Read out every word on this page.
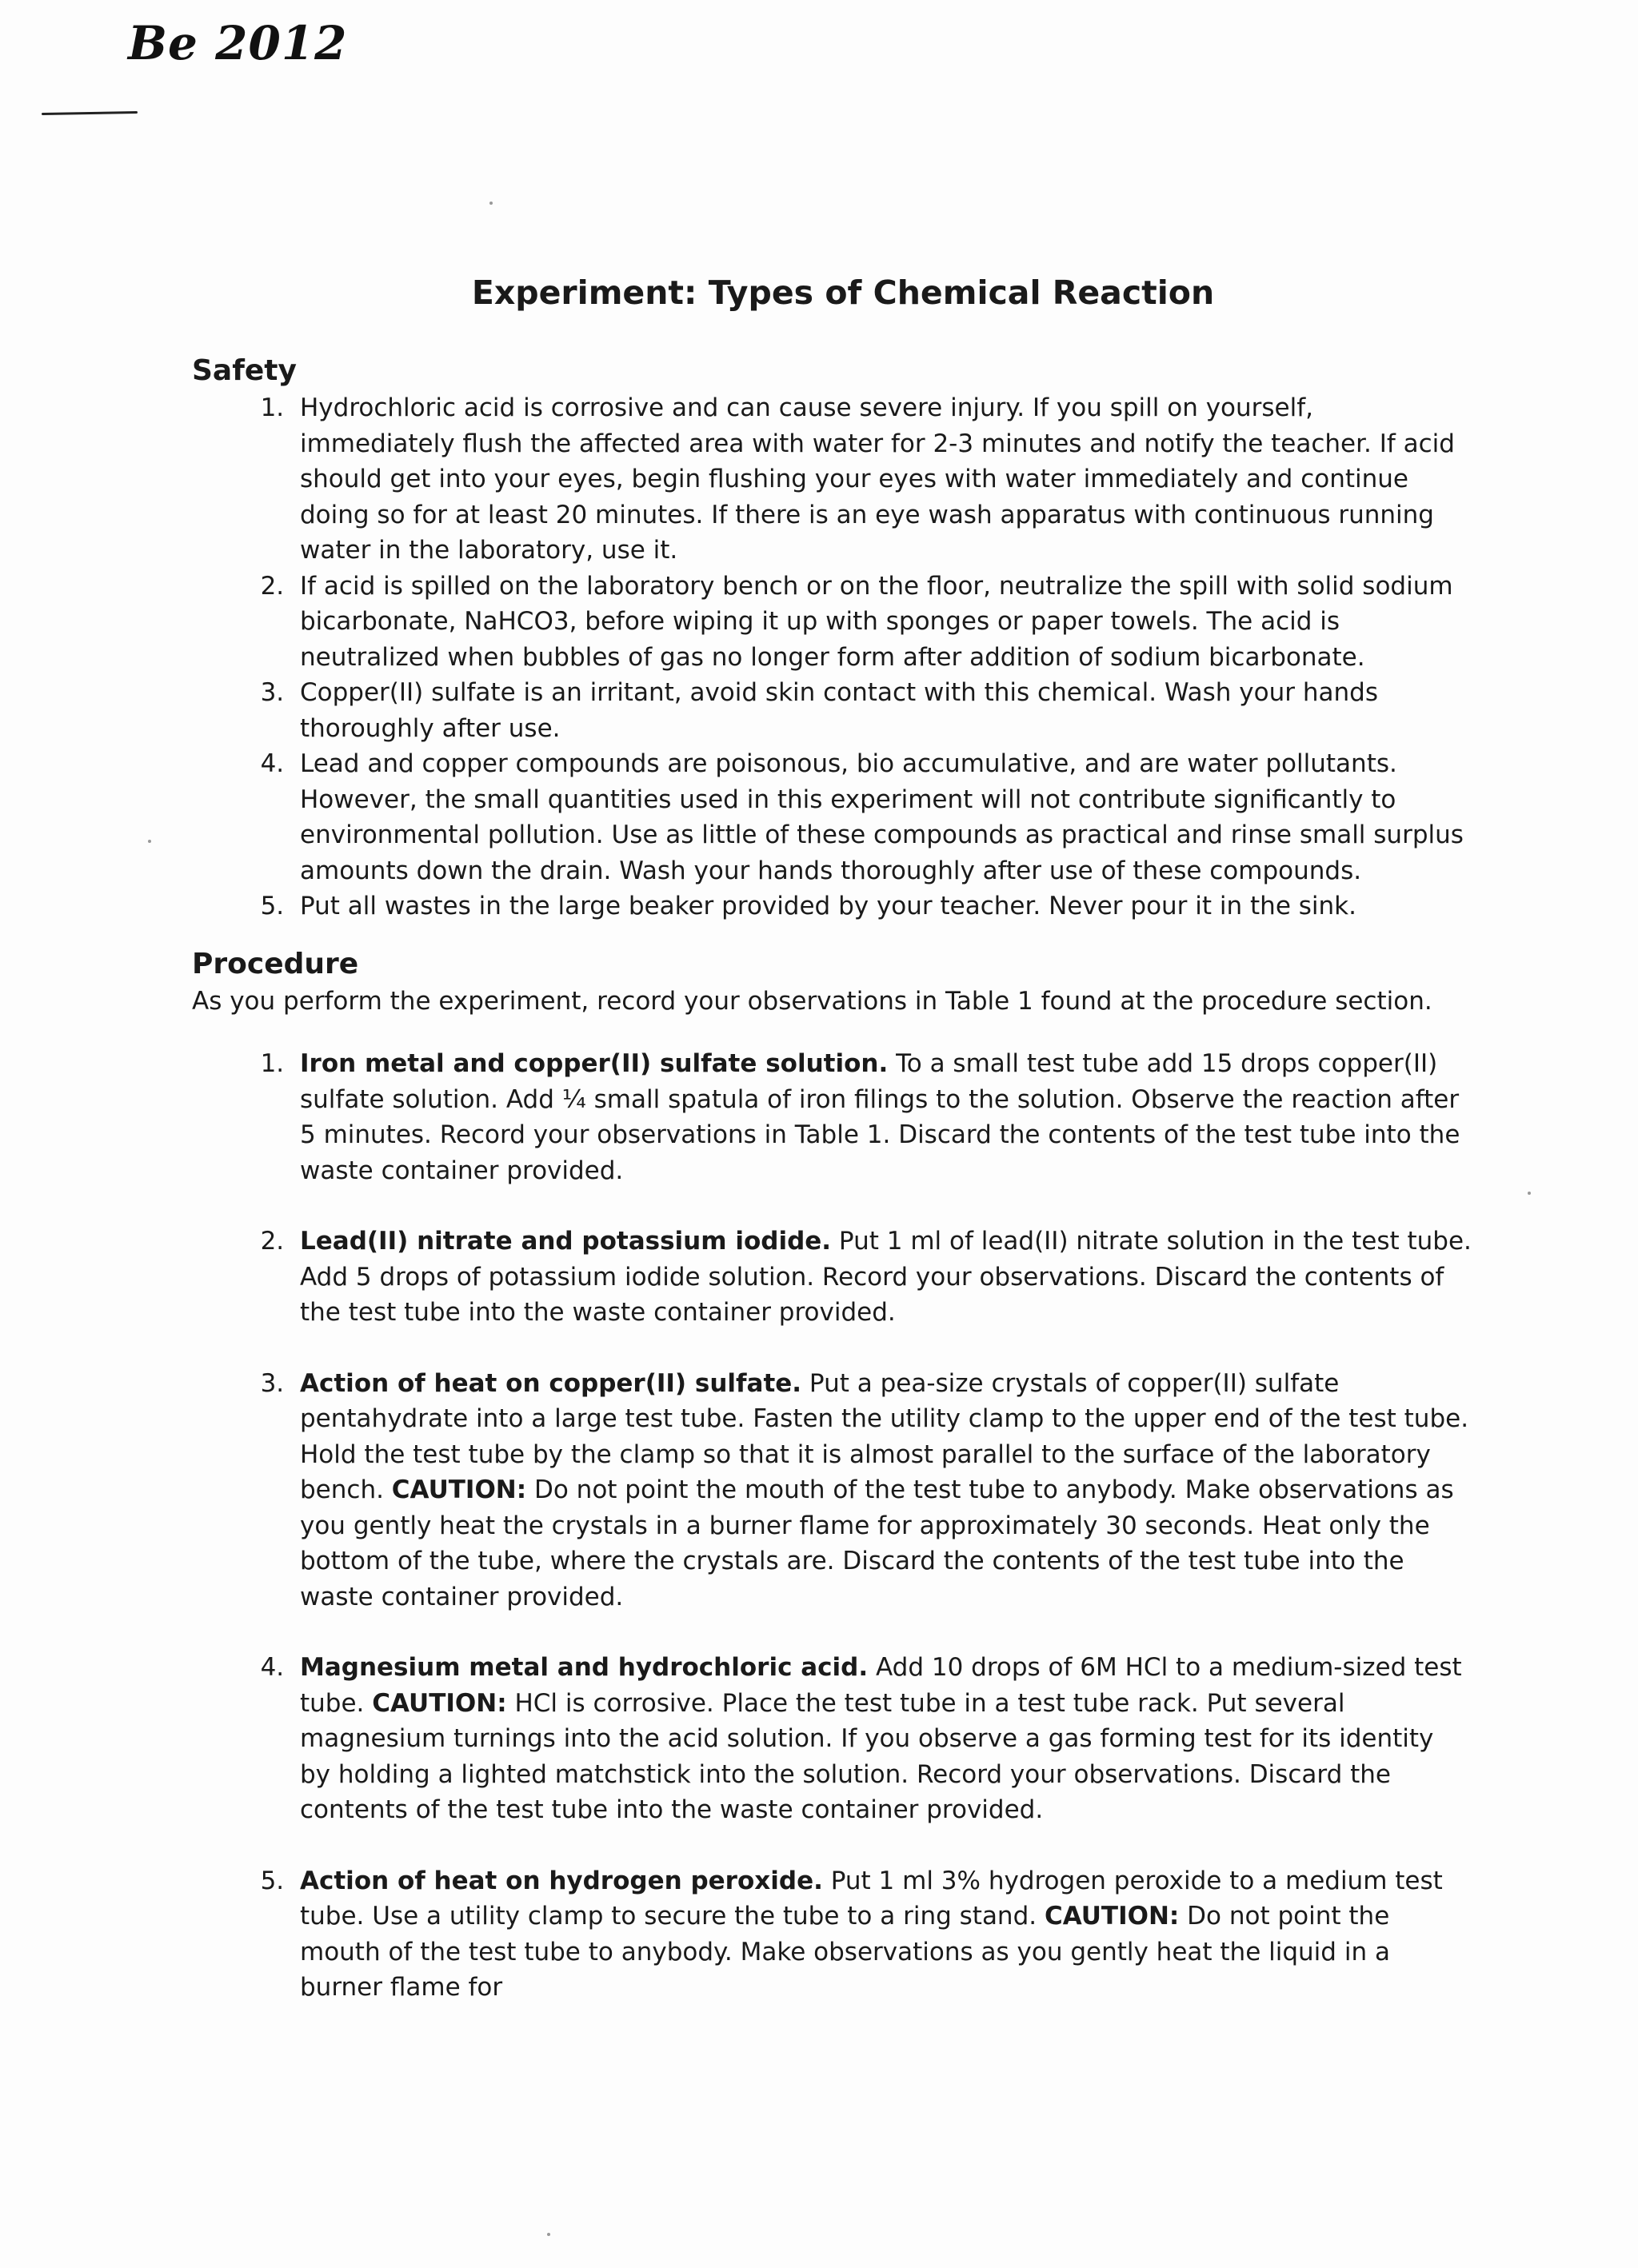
Be 2012
Experiment: Types of Chemical Reaction
Safety
1. Hydrochloric acid is corrosive and can cause severe injury. If you spill on yourself, immediately flush the affected area with water for 2-3 minutes and notify the teacher. If acid should get into your eyes, begin flushing your eyes with water immediately and continue doing so for at least 20 minutes. If there is an eye wash apparatus with continuous running water in the laboratory, use it.
2. If acid is spilled on the laboratory bench or on the floor, neutralize the spill with solid sodium bicarbonate, NaHCO3, before wiping it up with sponges or paper towels. The acid is neutralized when bubbles of gas no longer form after addition of sodium bicarbonate.
3. Copper(II) sulfate is an irritant, avoid skin contact with this chemical. Wash your hands thoroughly after use.
4. Lead and copper compounds are poisonous, bio accumulative, and are water pollutants. However, the small quantities used in this experiment will not contribute significantly to environmental pollution. Use as little of these compounds as practical and rinse small surplus amounts down the drain. Wash your hands thoroughly after use of these compounds.
5. Put all wastes in the large beaker provided by your teacher. Never pour it in the sink.
Procedure

As you perform the experiment, record your observations in Table 1 found at the procedure section.

1. Iron metal and copper(II) sulfate solution. To a small test tube add 15 drops copper(II) sulfate solution. Add ¼ small spatula of iron filings to the solution. Observe the reaction after 5 minutes. Record your observations in Table 1. Discard the contents of the test tube into the waste container provided.
2. Lead(II) nitrate and potassium iodide. Put 1 ml of lead(II) nitrate solution in the test tube. Add 5 drops of potassium iodide solution. Record your observations. Discard the contents of the test tube into the waste container provided.
3. Action of heat on copper(II) sulfate. Put a pea-size crystals of copper(II) sulfate pentahydrate into a large test tube. Fasten the utility clamp to the upper end of the test tube. Hold the test tube by the clamp so that it is almost parallel to the surface of the laboratory bench. CAUTION: Do not point the mouth of the test tube to anybody. Make observations as you gently heat the crystals in a burner flame for approximately 30 seconds. Heat only the bottom of the tube, where the crystals are. Discard the contents of the test tube into the waste container provided.
4. Magnesium metal and hydrochloric acid. Add 10 drops of 6M HCl to a medium-sized test tube. CAUTION: HCl is corrosive. Place the test tube in a test tube rack. Put several magnesium turnings into the acid solution. If you observe a gas forming test for its identity by holding a lighted matchstick into the solution. Record your observations. Discard the contents of the test tube into the waste container provided.
5. Action of heat on hydrogen peroxide. Put 1 ml 3% hydrogen peroxide to a medium test tube. Use a utility clamp to secure the tube to a ring stand. CAUTION: Do not point the mouth of the test tube to anybody. Make observations as you gently heat the liquid in a burner flame for
